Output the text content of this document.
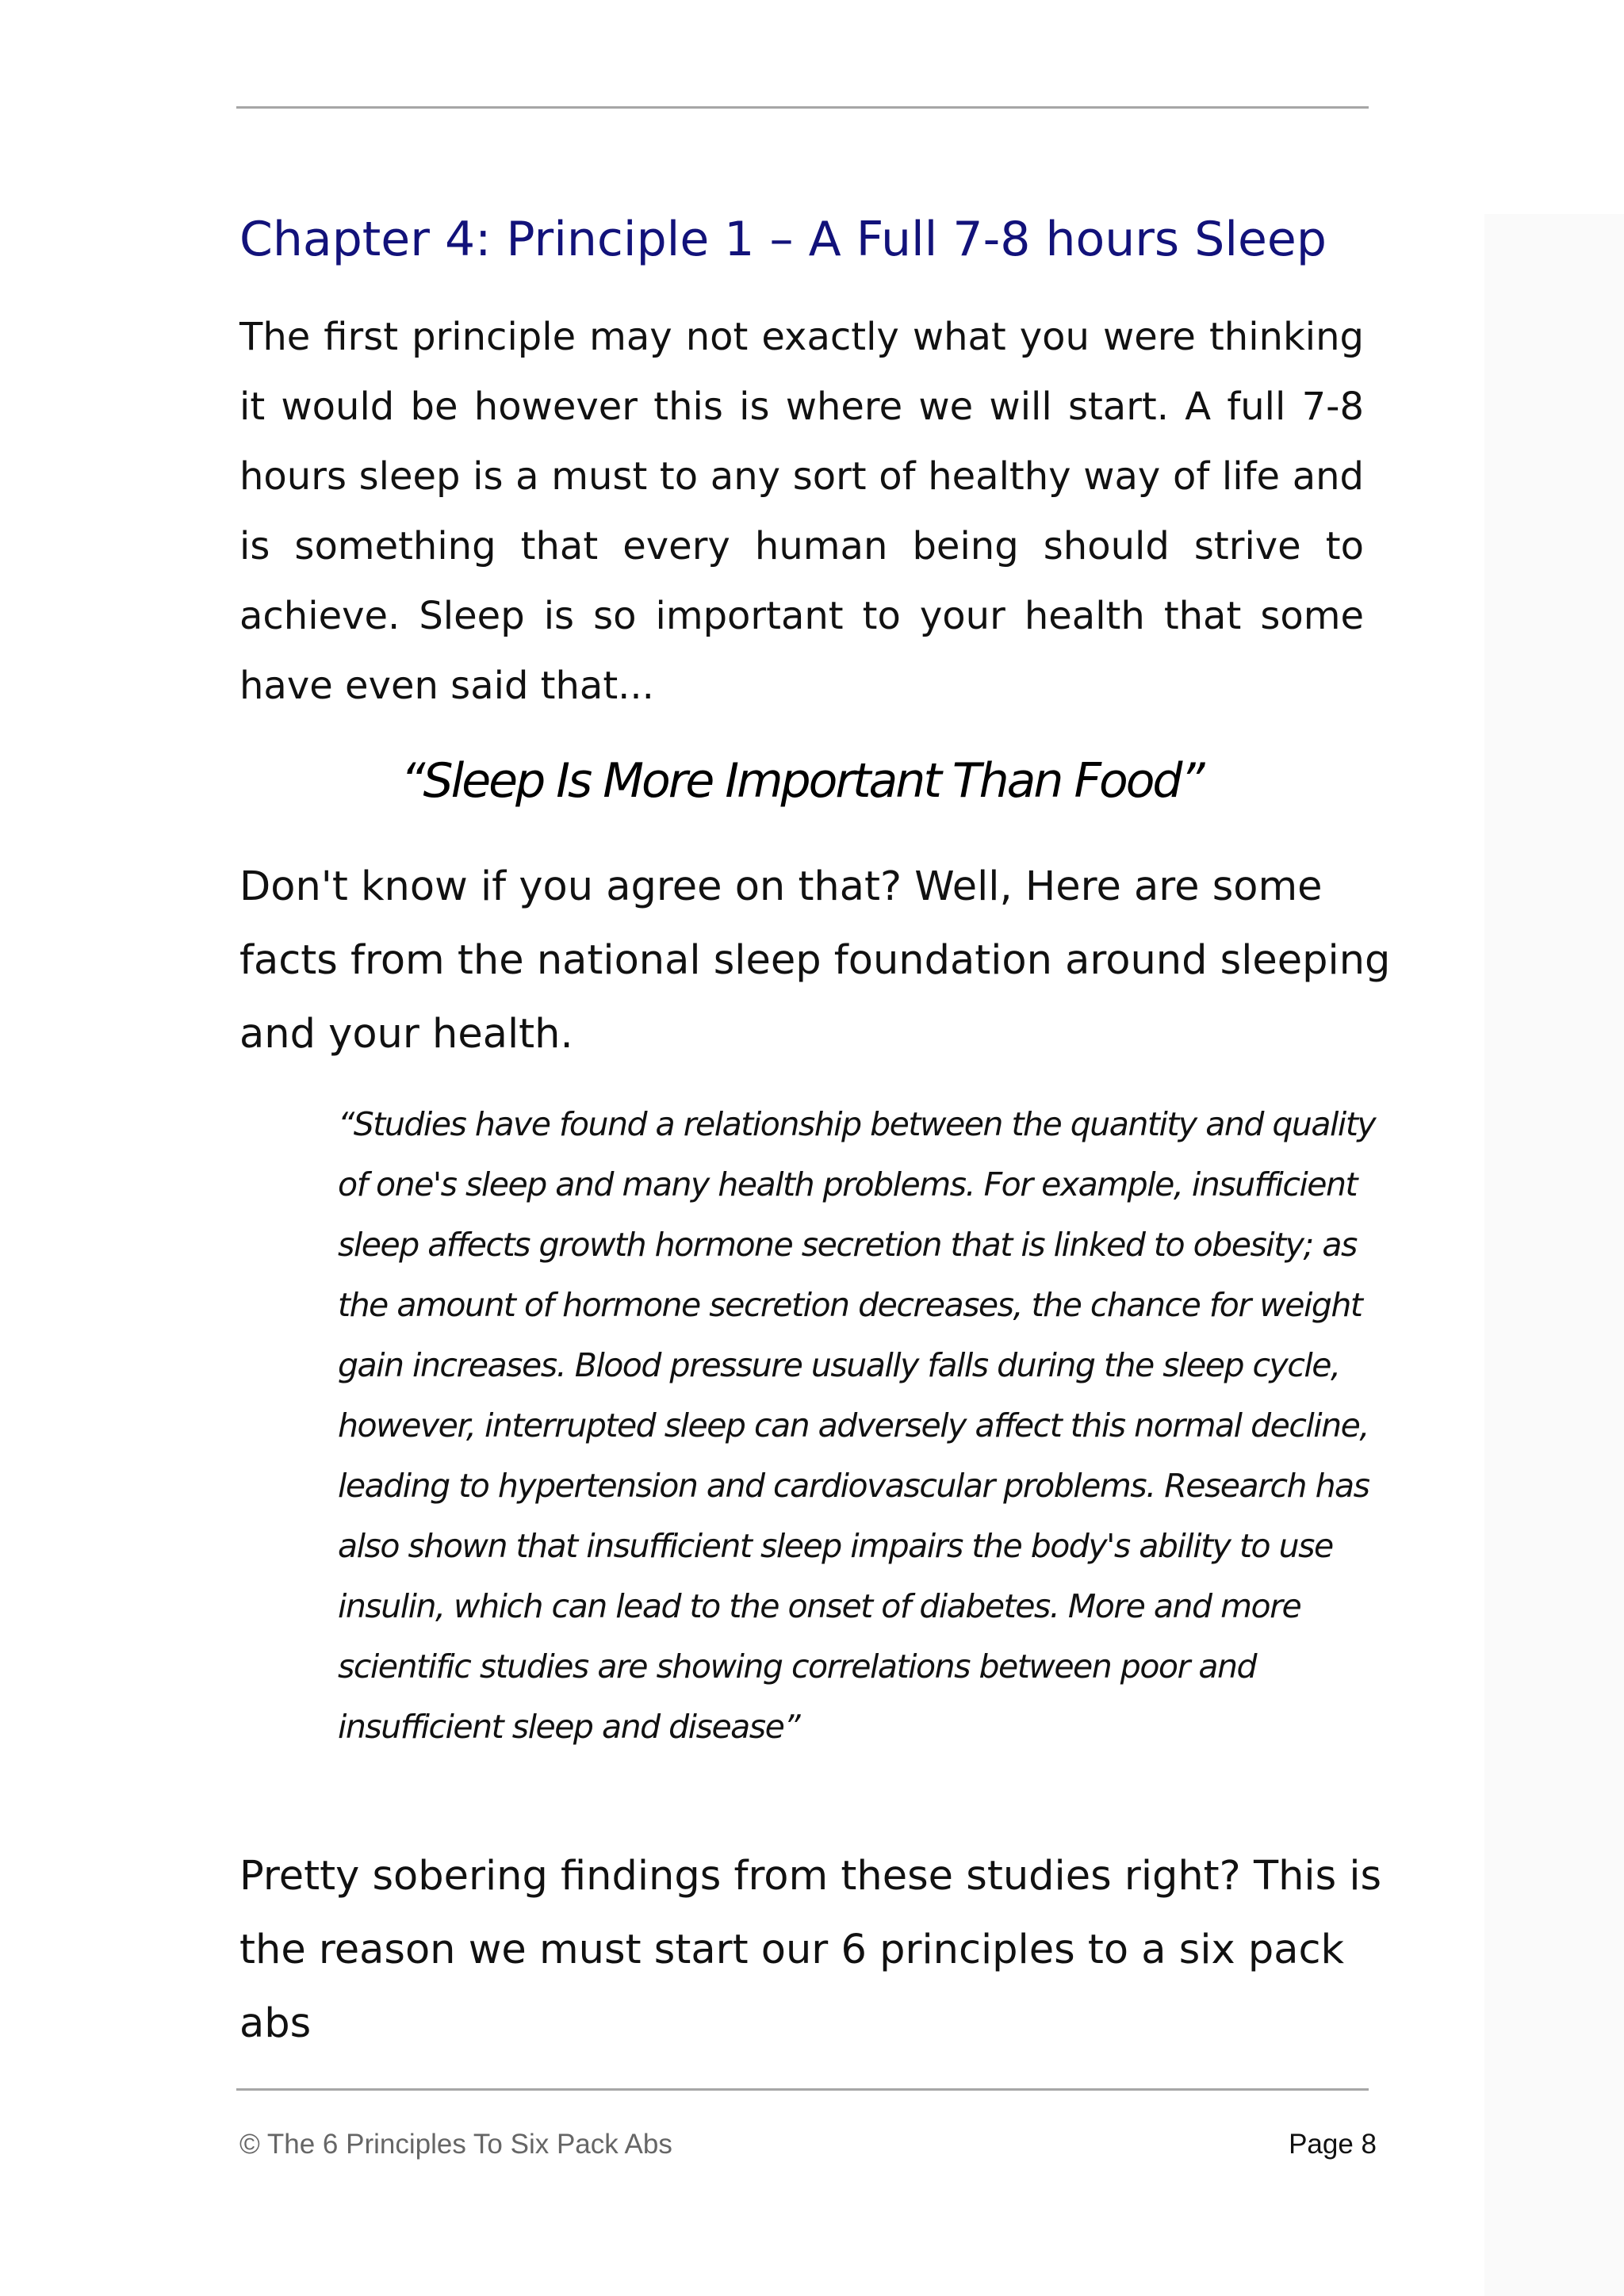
Chapter 4: Principle 1 – A Full 7-8 hours Sleep

The first principle may not exactly what you were thinking it would be however this is where we will start. A full 7-8 hours sleep is a must to any sort of healthy way of life and is something that every human being should strive to achieve. Sleep is so important to your health that some have even said that...

“Sleep Is More Important Than Food”

Don't know if you agree on that? Well, Here are some facts from the national sleep foundation around sleeping and your health.

“Studies have found a relationship between the quantity and quality of one's sleep and many health problems. For example, insufficient sleep affects growth hormone secretion that is linked to obesity; as the amount of hormone secretion decreases, the chance for weight gain increases. Blood pressure usually falls during the sleep cycle, however, interrupted sleep can adversely affect this normal decline, leading to hypertension and cardiovascular problems. Research has also shown that insufficient sleep impairs the body's ability to use insulin, which can lead to the onset of diabetes. More and more scientific studies are showing correlations between poor and insufficient sleep and disease”

Pretty sobering findings from these studies right? This is the reason we must start our 6 principles to a six pack abs

© The 6 Principles To Six Pack Abs	Page 8
